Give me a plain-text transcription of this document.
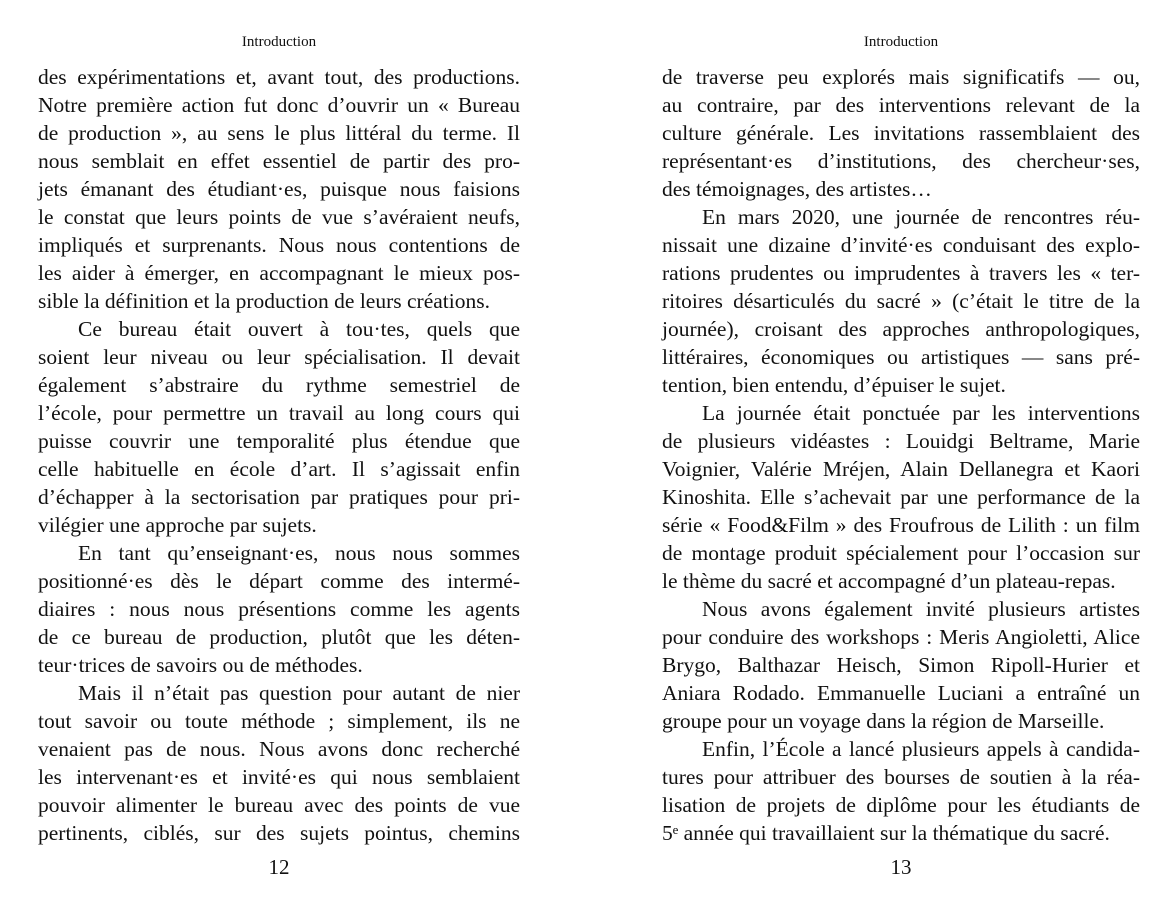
Introduction
des expérimentations et, avant tout, des productions.
Notre première action fut donc d’ouvrir un « Bureau
de production », au sens le plus littéral du terme. Il
nous semblait en effet essentiel de partir des pro-
jets émanant des étudiant·es, puisque nous faisions
le constat que leurs points de vue s’avéraient neufs,
impliqués et surprenants. Nous nous contentions de
les aider à émerger, en accompagnant le mieux pos-
sible la définition et la production de leurs créations.
Ce bureau était ouvert à tou·tes, quels que
soient leur niveau ou leur spécialisation. Il devait
également s’abstraire du rythme semestriel de
l’école, pour permettre un travail au long cours qui
puisse couvrir une temporalité plus étendue que
celle habituelle en école d’art. Il s’agissait enfin
d’échapper à la sectorisation par pratiques pour pri-
vilégier une approche par sujets.
En tant qu’enseignant·es, nous nous sommes
positionné·es dès le départ comme des intermé-
diaires : nous nous présentions comme les agents
de ce bureau de production, plutôt que les déten-
teur·trices de savoirs ou de méthodes.
Mais il n’était pas question pour autant de nier
tout savoir ou toute méthode ; simplement, ils ne
venaient pas de nous. Nous avons donc recherché
les intervenant·es et invité·es qui nous semblaient
pouvoir alimenter le bureau avec des points de vue
pertinents, ciblés, sur des sujets pointus, chemins
12
Introduction
de traverse peu explorés mais significatifs — ou,
au contraire, par des interventions relevant de la
culture générale. Les invitations rassemblaient des
représentant·es d’institutions, des chercheur·ses,
des témoignages, des artistes…
En mars 2020, une journée de rencontres réu-
nissait une dizaine d’invité·es conduisant des explo-
rations prudentes ou imprudentes à travers les « ter-
ritoires désarticulés du sacré » (c’était le titre de la
journée), croisant des approches anthropologiques,
littéraires, économiques ou artistiques — sans pré-
tention, bien entendu, d’épuiser le sujet.
La journée était ponctuée par les interventions
de plusieurs vidéastes : Louidgi Beltrame, Marie
Voignier, Valérie Mréjen, Alain Dellanegra et Kaori
Kinoshita. Elle s’achevait par une performance de la
série « Food&Film » des Froufrous de Lilith : un film
de montage produit spécialement pour l’occasion sur
le thème du sacré et accompagné d’un plateau-repas.
Nous avons également invité plusieurs artistes
pour conduire des workshops : Meris Angioletti, Alice
Brygo, Balthazar Heisch, Simon Ripoll-Hurier et
Aniara Rodado. Emmanuelle Luciani a entraîné un
groupe pour un voyage dans la région de Marseille.
Enfin, l’École a lancé plusieurs appels à candida-
tures pour attribuer des bourses de soutien à la réa-
lisation de projets de diplôme pour les étudiants de
5ᵉ année qui travaillaient sur la thématique du sacré.
13
